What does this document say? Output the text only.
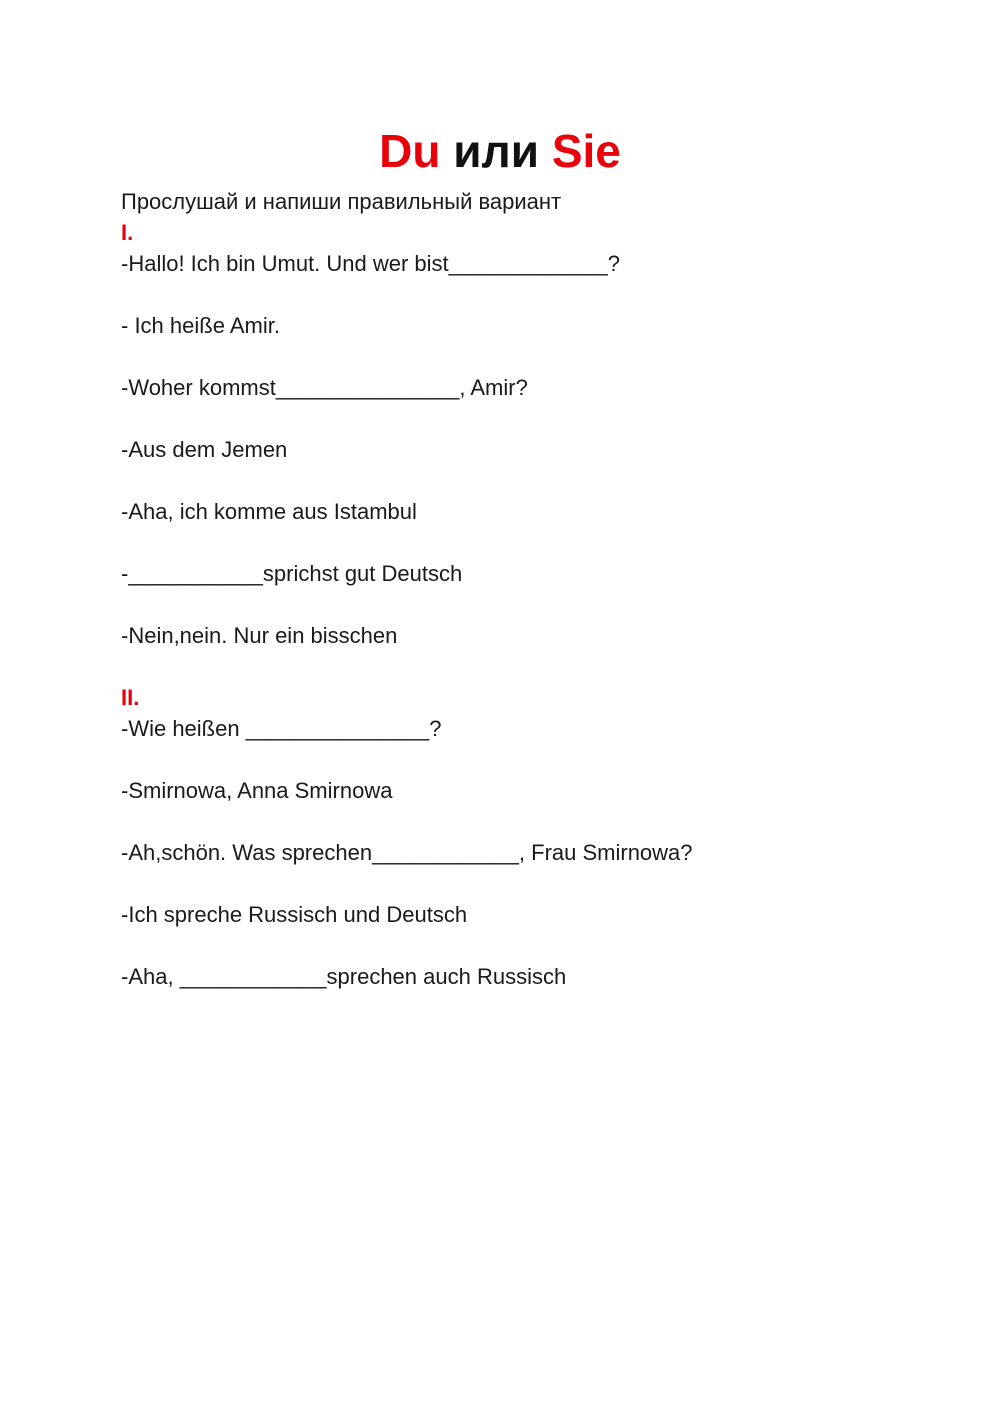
Du или Sie

Прослушай и напиши правильный вариант

I.

-Hallo! Ich bin Umut. Und wer bist_____________?

- Ich heiße Amir.

-Woher kommst_______________, Amir?

-Aus dem Jemen

-Aha, ich komme aus Istambul

-___________sprichst gut Deutsch

-Nein,nein. Nur ein bisschen

II.

-Wie heißen _______________?

-Smirnowa, Anna Smirnowa

-Ah,schön. Was sprechen____________, Frau Smirnowa?

-Ich spreche Russisch und Deutsch

-Aha, ____________sprechen auch Russisch
